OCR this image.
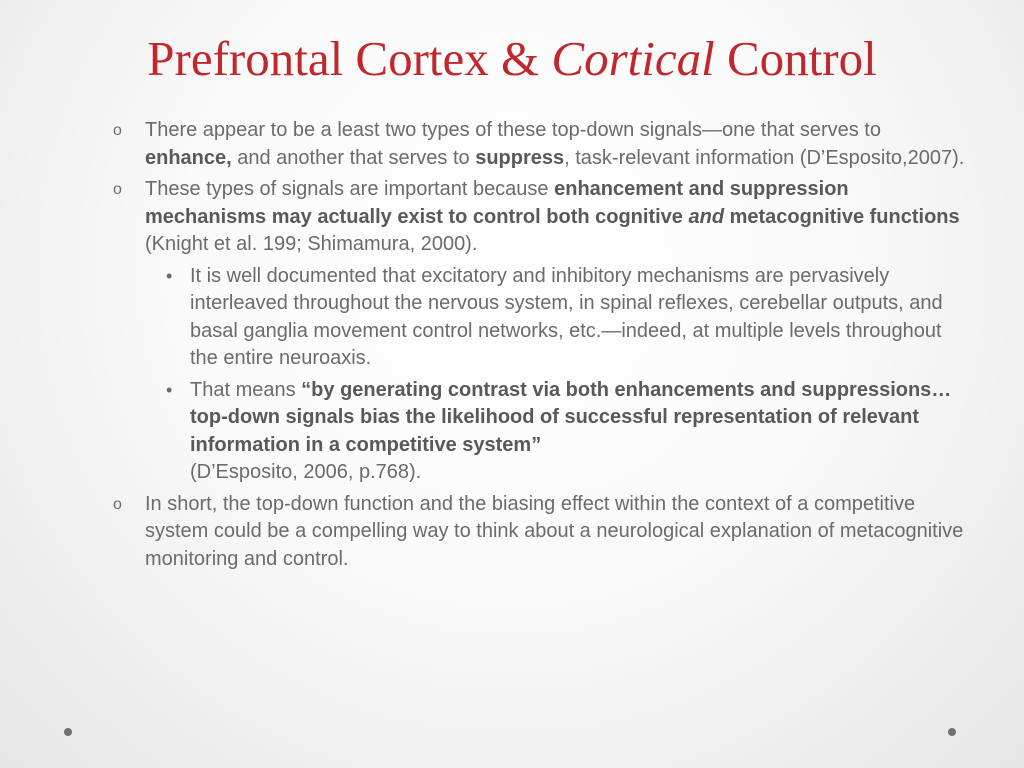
Prefrontal Cortex & Cortical Control
o There appear to be a least two types of these top-down signals—one that serves to enhance, and another that serves to suppress, task-relevant information (D’Esposito,2007).
o These types of signals are important because enhancement and suppression mechanisms may actually exist to control both cognitive and metacognitive functions (Knight et al. 199; Shimamura, 2000).
• It is well documented that excitatory and inhibitory mechanisms are pervasively interleaved throughout the nervous system, in spinal reflexes, cerebellar outputs, and basal ganglia movement control networks, etc.—indeed, at multiple levels throughout the entire neuroaxis.
• That means “by generating contrast via both enhancements and suppressions… top-down signals bias the likelihood of successful representation of relevant information in a competitive system”
(D’Esposito, 2006, p.768).
o In short, the top-down function and the biasing effect within the context of a competitive system could be a compelling way to think about a neurological explanation of metacognitive monitoring and control.
